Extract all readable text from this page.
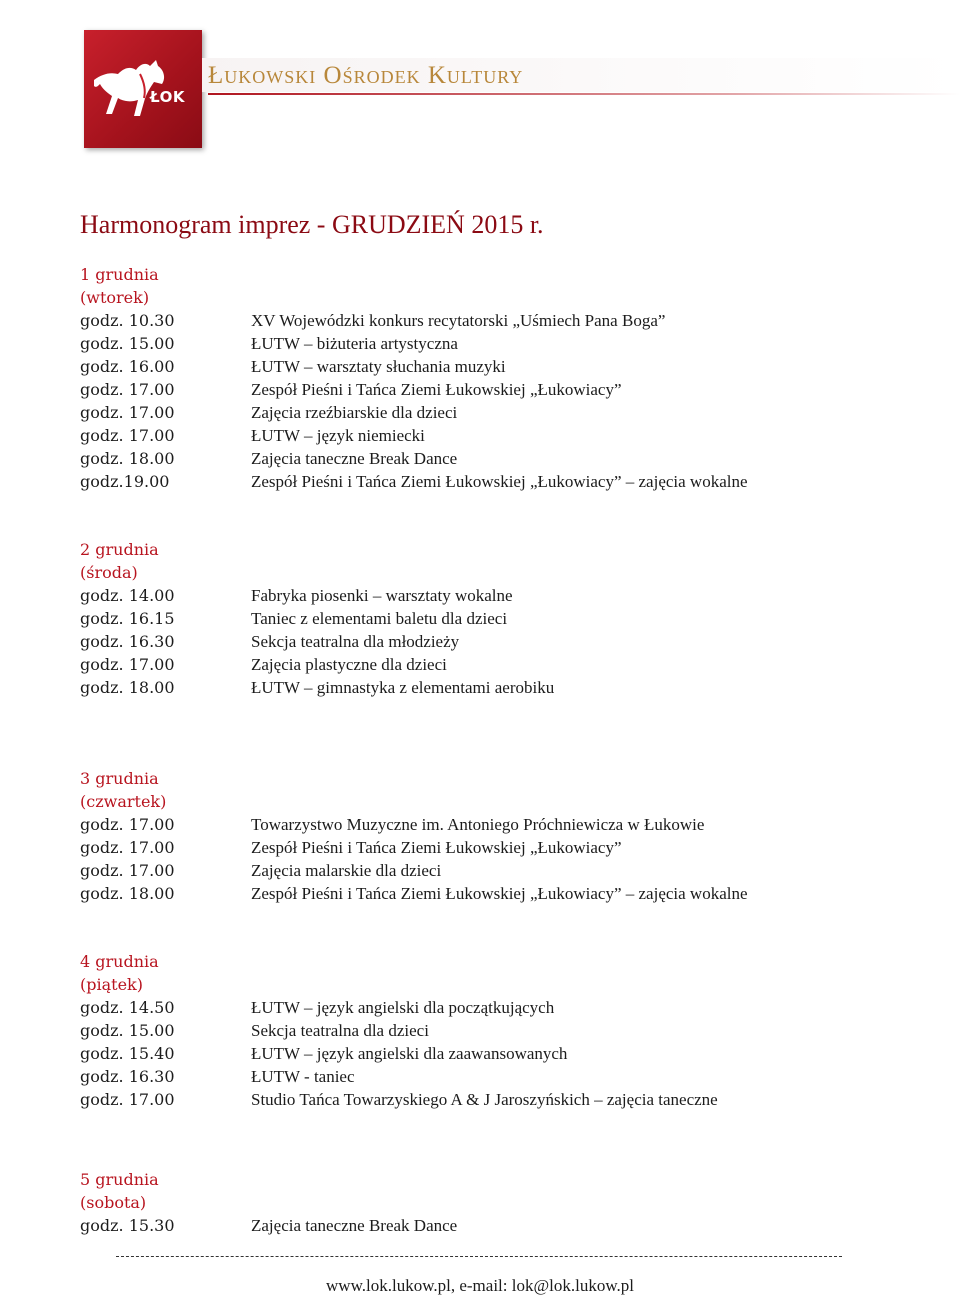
ŁOK
Łukowski Ośrodek Kultury
Harmonogram imprez - GRUDZIEŃ 2015 r.
1 grudnia
(wtorek)
godz. 10.30	XV Wojewódzki konkurs recytatorski „Uśmiech Pana Boga”
godz. 15.00	ŁUTW – biżuteria artystyczna
godz. 16.00	ŁUTW – warsztaty słuchania muzyki
godz. 17.00	Zespół Pieśni i Tańca Ziemi Łukowskiej „Łukowiacy”
godz. 17.00	Zajęcia rzeźbiarskie dla dzieci
godz. 17.00	ŁUTW – język niemiecki
godz. 18.00	Zajęcia taneczne Break Dance
godz.19.00	Zespół Pieśni i Tańca Ziemi Łukowskiej „Łukowiacy” – zajęcia wokalne
2 grudnia
(środa)
godz. 14.00	Fabryka piosenki – warsztaty wokalne
godz. 16.15	Taniec z elementami baletu dla dzieci
godz. 16.30	Sekcja teatralna dla młodzieży
godz. 17.00	Zajęcia plastyczne dla dzieci
godz. 18.00	ŁUTW – gimnastyka z elementami aerobiku
3 grudnia
(czwartek)
godz. 17.00	Towarzystwo Muzyczne im. Antoniego Próchniewicza w Łukowie
godz. 17.00	Zespół Pieśni i Tańca Ziemi Łukowskiej „Łukowiacy”
godz. 17.00	Zajęcia malarskie dla dzieci
godz. 18.00	Zespół Pieśni i Tańca Ziemi Łukowskiej „Łukowiacy” – zajęcia wokalne
4 grudnia
(piątek)
godz. 14.50	ŁUTW – język angielski dla początkujących
godz. 15.00	Sekcja teatralna dla dzieci
godz. 15.40	ŁUTW – język angielski dla zaawansowanych
godz. 16.30	ŁUTW - taniec
godz. 17.00	Studio Tańca Towarzyskiego A & J Jaroszyńskich – zajęcia taneczne
5 grudnia
(sobota)
godz. 15.30	Zajęcia taneczne Break Dance
www.lok.lukow.pl, e-mail: lok@lok.lukow.pl
